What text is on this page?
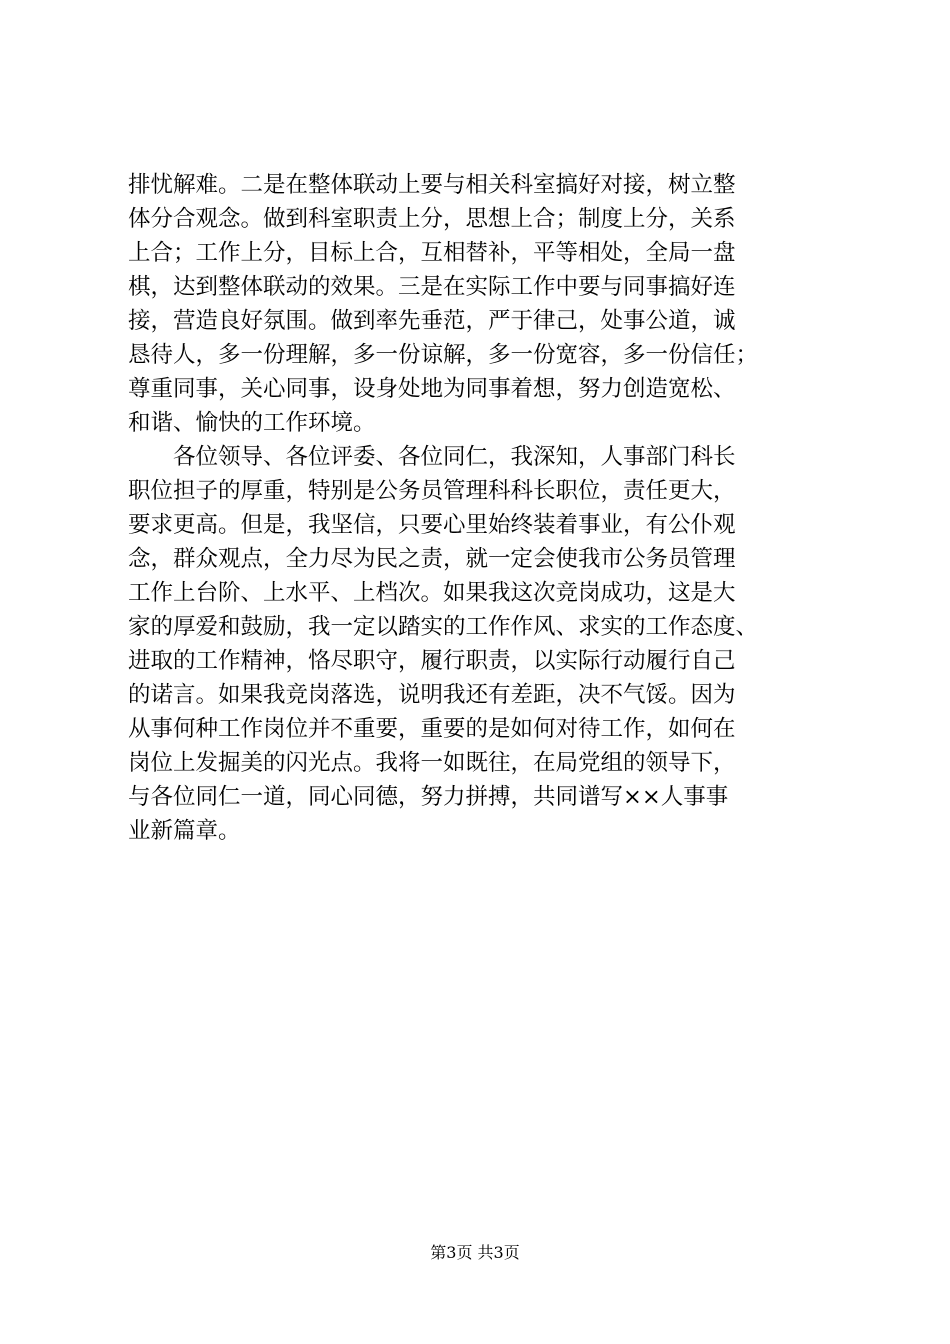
排忧解难。二是在整体联动上要与相关科室搞好对接，树立整
体分合观念。做到科室职责上分，思想上合；制度上分，关系
上合；工作上分，目标上合，互相替补，平等相处，全局一盘
棋，达到整体联动的效果。三是在实际工作中要与同事搞好连
接，营造良好氛围。做到率先垂范，严于律己，处事公道，诚
恳待人，多一份理解，多一份谅解，多一份宽容，多一份信任；
尊重同事，关心同事，设身处地为同事着想，努力创造宽松、
和谐、愉快的工作环境。
　　各位领导、各位评委、各位同仁，我深知，人事部门科长
职位担子的厚重，特别是公务员管理科科长职位，责任更大，
要求更高。但是，我坚信，只要心里始终装着事业，有公仆观
念，群众观点，全力尽为民之责，就一定会使我市公务员管理
工作上台阶、上水平、上档次。如果我这次竞岗成功，这是大
家的厚爱和鼓励，我一定以踏实的工作作风、求实的工作态度、
进取的工作精神，恪尽职守，履行职责，以实际行动履行自己
的诺言。如果我竞岗落选，说明我还有差距，决不气馁。因为
从事何种工作岗位并不重要，重要的是如何对待工作，如何在
岗位上发掘美的闪光点。我将一如既往，在局党组的领导下，
与各位同仁一道，同心同德，努力拼搏，共同谱写××人事事
业新篇章。
第3页 共3页
